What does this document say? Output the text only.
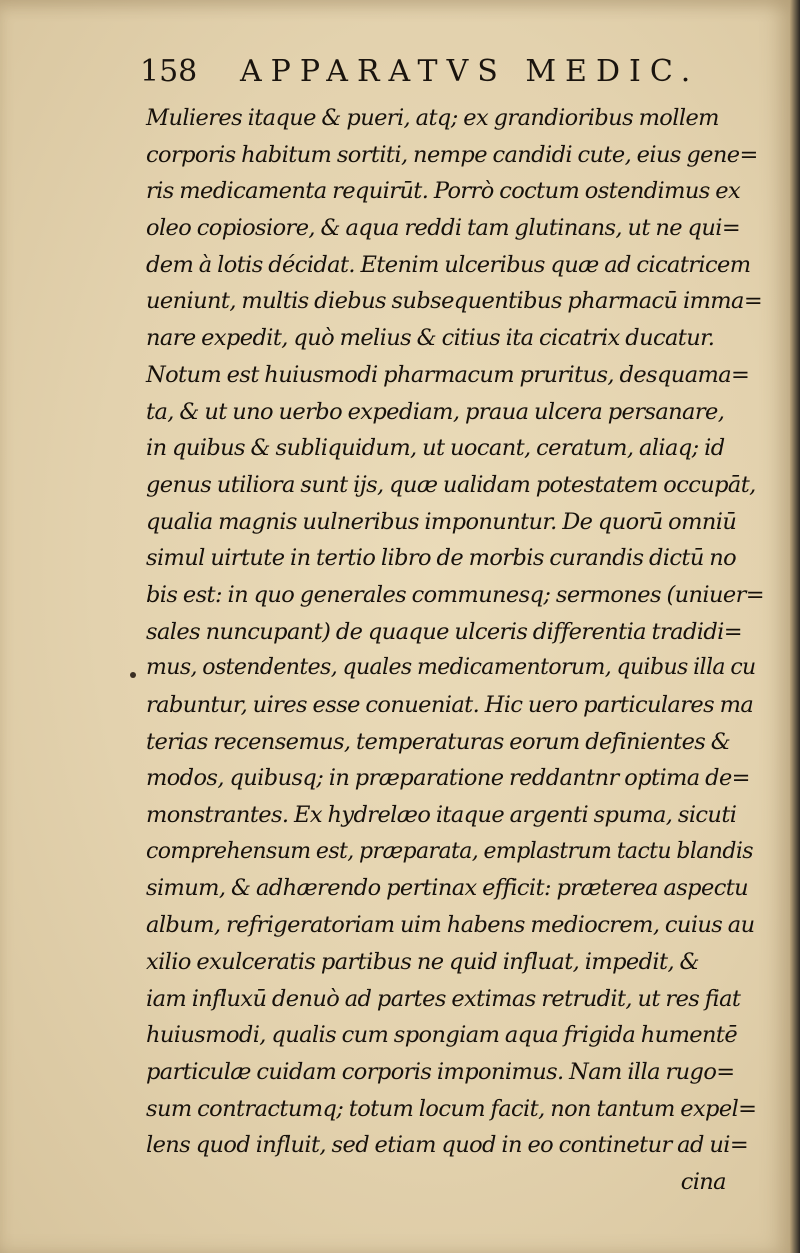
158 APPARATVS MEDIC.
Mulieres itaque & pueri, atq; ex grandioribus mollem
corporis habitum sortiti, nempe candidi cute, eius gene=
ris medicamenta requirūt. Porrò coctum ostendimus ex
oleo copiosiore, & aqua reddi tam glutinans, ut ne qui=
dem à lotis décidat. Etenim ulceribus quæ ad cicatricem
ueniunt, multis diebus subsequentibus pharmacū imma=
nare expedit, quò melius & citius ita cicatrix ducatur.
Notum est huiusmodi pharmacum pruritus, desquama=
ta, & ut uno uerbo expediam, praua ulcera persanare,
in quibus & subliquidum, ut uocant, ceratum, aliaq; id
genus utiliora sunt ijs, quæ ualidam potestatem occupāt,
qualia magnis uulneribus imponuntur. De quorū omniū
simul uirtute in tertio libro de morbis curandis dictū no
bis est: in quo generales communesq; sermones (uniuer=
sales nuncupant) de quaque ulceris differentia tradidi=
mus, ostendentes, quales medicamentorum, quibus illa cu
rabuntur, uires esse conueniat. Hic uero particulares ma
terias recensemus, temperaturas eorum definientes &
modos, quibusq; in præparatione reddantnr optima de=
monstrantes. Ex hydrelæo itaque argenti spuma, sicuti
comprehensum est, præparata, emplastrum tactu blandis
simum, & adhærendo pertinax efficit: præterea aspectu
album, refrigeratoriam uim habens mediocrem, cuius au
xilio exulceratis partibus ne quid influat, impedit, &
iam influxū denuò ad partes extimas retrudit, ut res fiat
huiusmodi, qualis cum spongiam aqua frigida humentē
particulæ cuidam corporis imponimus. Nam illa rugo=
sum contractumq; totum locum facit, non tantum expel=
lens quod influit, sed etiam quod in eo continetur ad ui=
cina
